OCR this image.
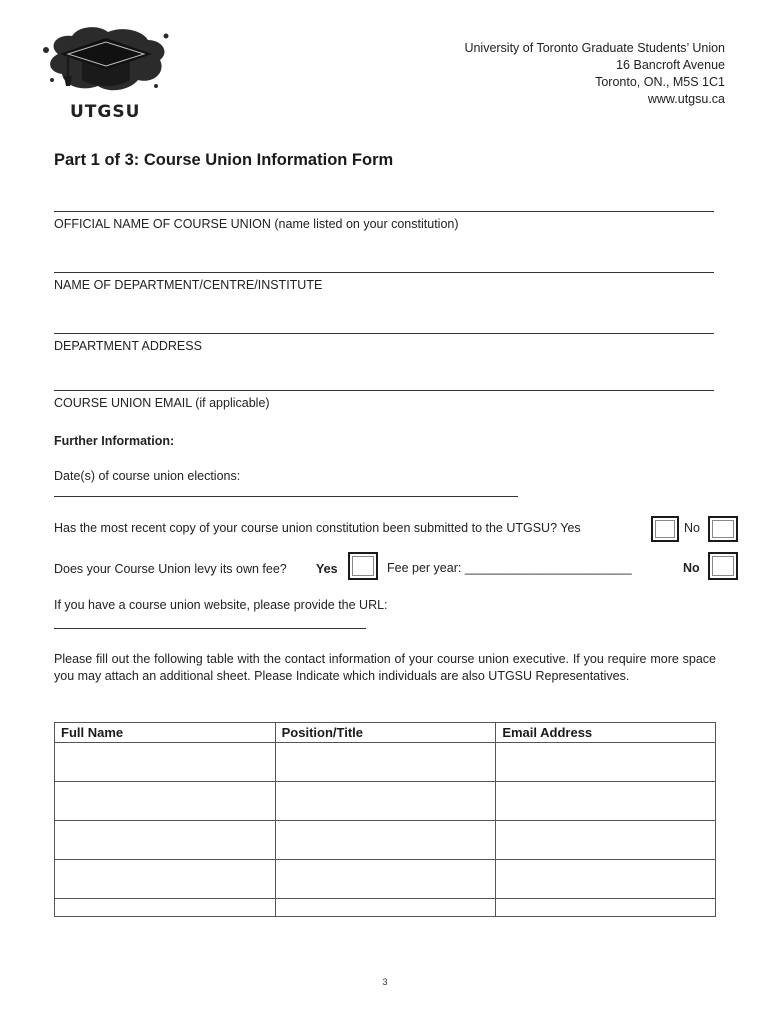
UTGSU
University of Toronto Graduate Students’ Union
16 Bancroft Avenue
Toronto, ON., M5S 1C1
www.utgsu.ca
Part 1 of 3: Course Union Information Form
OFFICIAL NAME OF COURSE UNION (name listed on your constitution)
NAME OF DEPARTMENT/CENTRE/INSTITUTE
DEPARTMENT ADDRESS
COURSE UNION EMAIL (if applicable)
Further Information:
Date(s) of course union elections:
Has the most recent copy of your course union constitution been submitted to the UTGSU? Yes	No
Does your Course Union levy its own fee? Yes	Fee per year: ________________________	No
If you have a course union website, please provide the URL:
Please fill out the following table with the contact information of your course union executive. If you require more space you may attach an additional sheet. Please Indicate which individuals are also UTGSU Representatives.
Full Name	Position/Title	Email Address

3
